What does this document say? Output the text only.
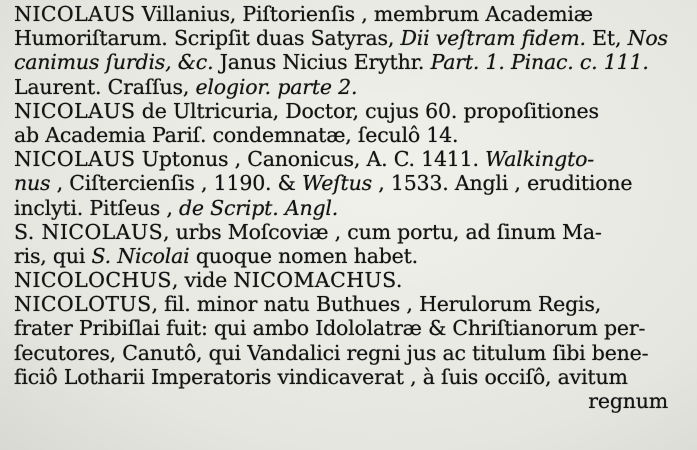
NICOLAUS Villanius, Piſtorienſis , membrum Academiæ
Humoriſtarum. Scripſit duas Satyras, Dii veſtram fidem. Et, Nos
canimus ſurdis, &c. Janus Nicius Erythr. Part. 1. Pinac. c. 111.
Laurent. Craſſus, elogior. parte 2.
NICOLAUS de Ultricuria, Doctor, cujus 60. propoſitiones
ab Academia Pariſ. condemnatæ, ſeculô 14.
NICOLAUS Uptonus , Canonicus, A. C. 1411. Walkingto-
nus , Ciſtercienſis , 1190. & Weſtus , 1533. Angli , eruditione
inclyti. Pitſeus , de Script. Angl.
S. NICOLAUS, urbs Moſcoviæ , cum portu, ad ſinum Ma-
ris, qui S. Nicolai quoque nomen habet.
NICOLOCHUS, vide NICOMACHUS.
NICOLOTUS, fil. minor natu Buthues , Herulorum Regis,
frater Pribiſlai fuit: qui ambo Idololatræ & Chriſtianorum per-
ſecutores, Canutô, qui Vandalici regni jus ac titulum ſibi bene-
ficiô Lotharii Imperatoris vindicaverat , à ſuis occiſô, avitum
regnum
